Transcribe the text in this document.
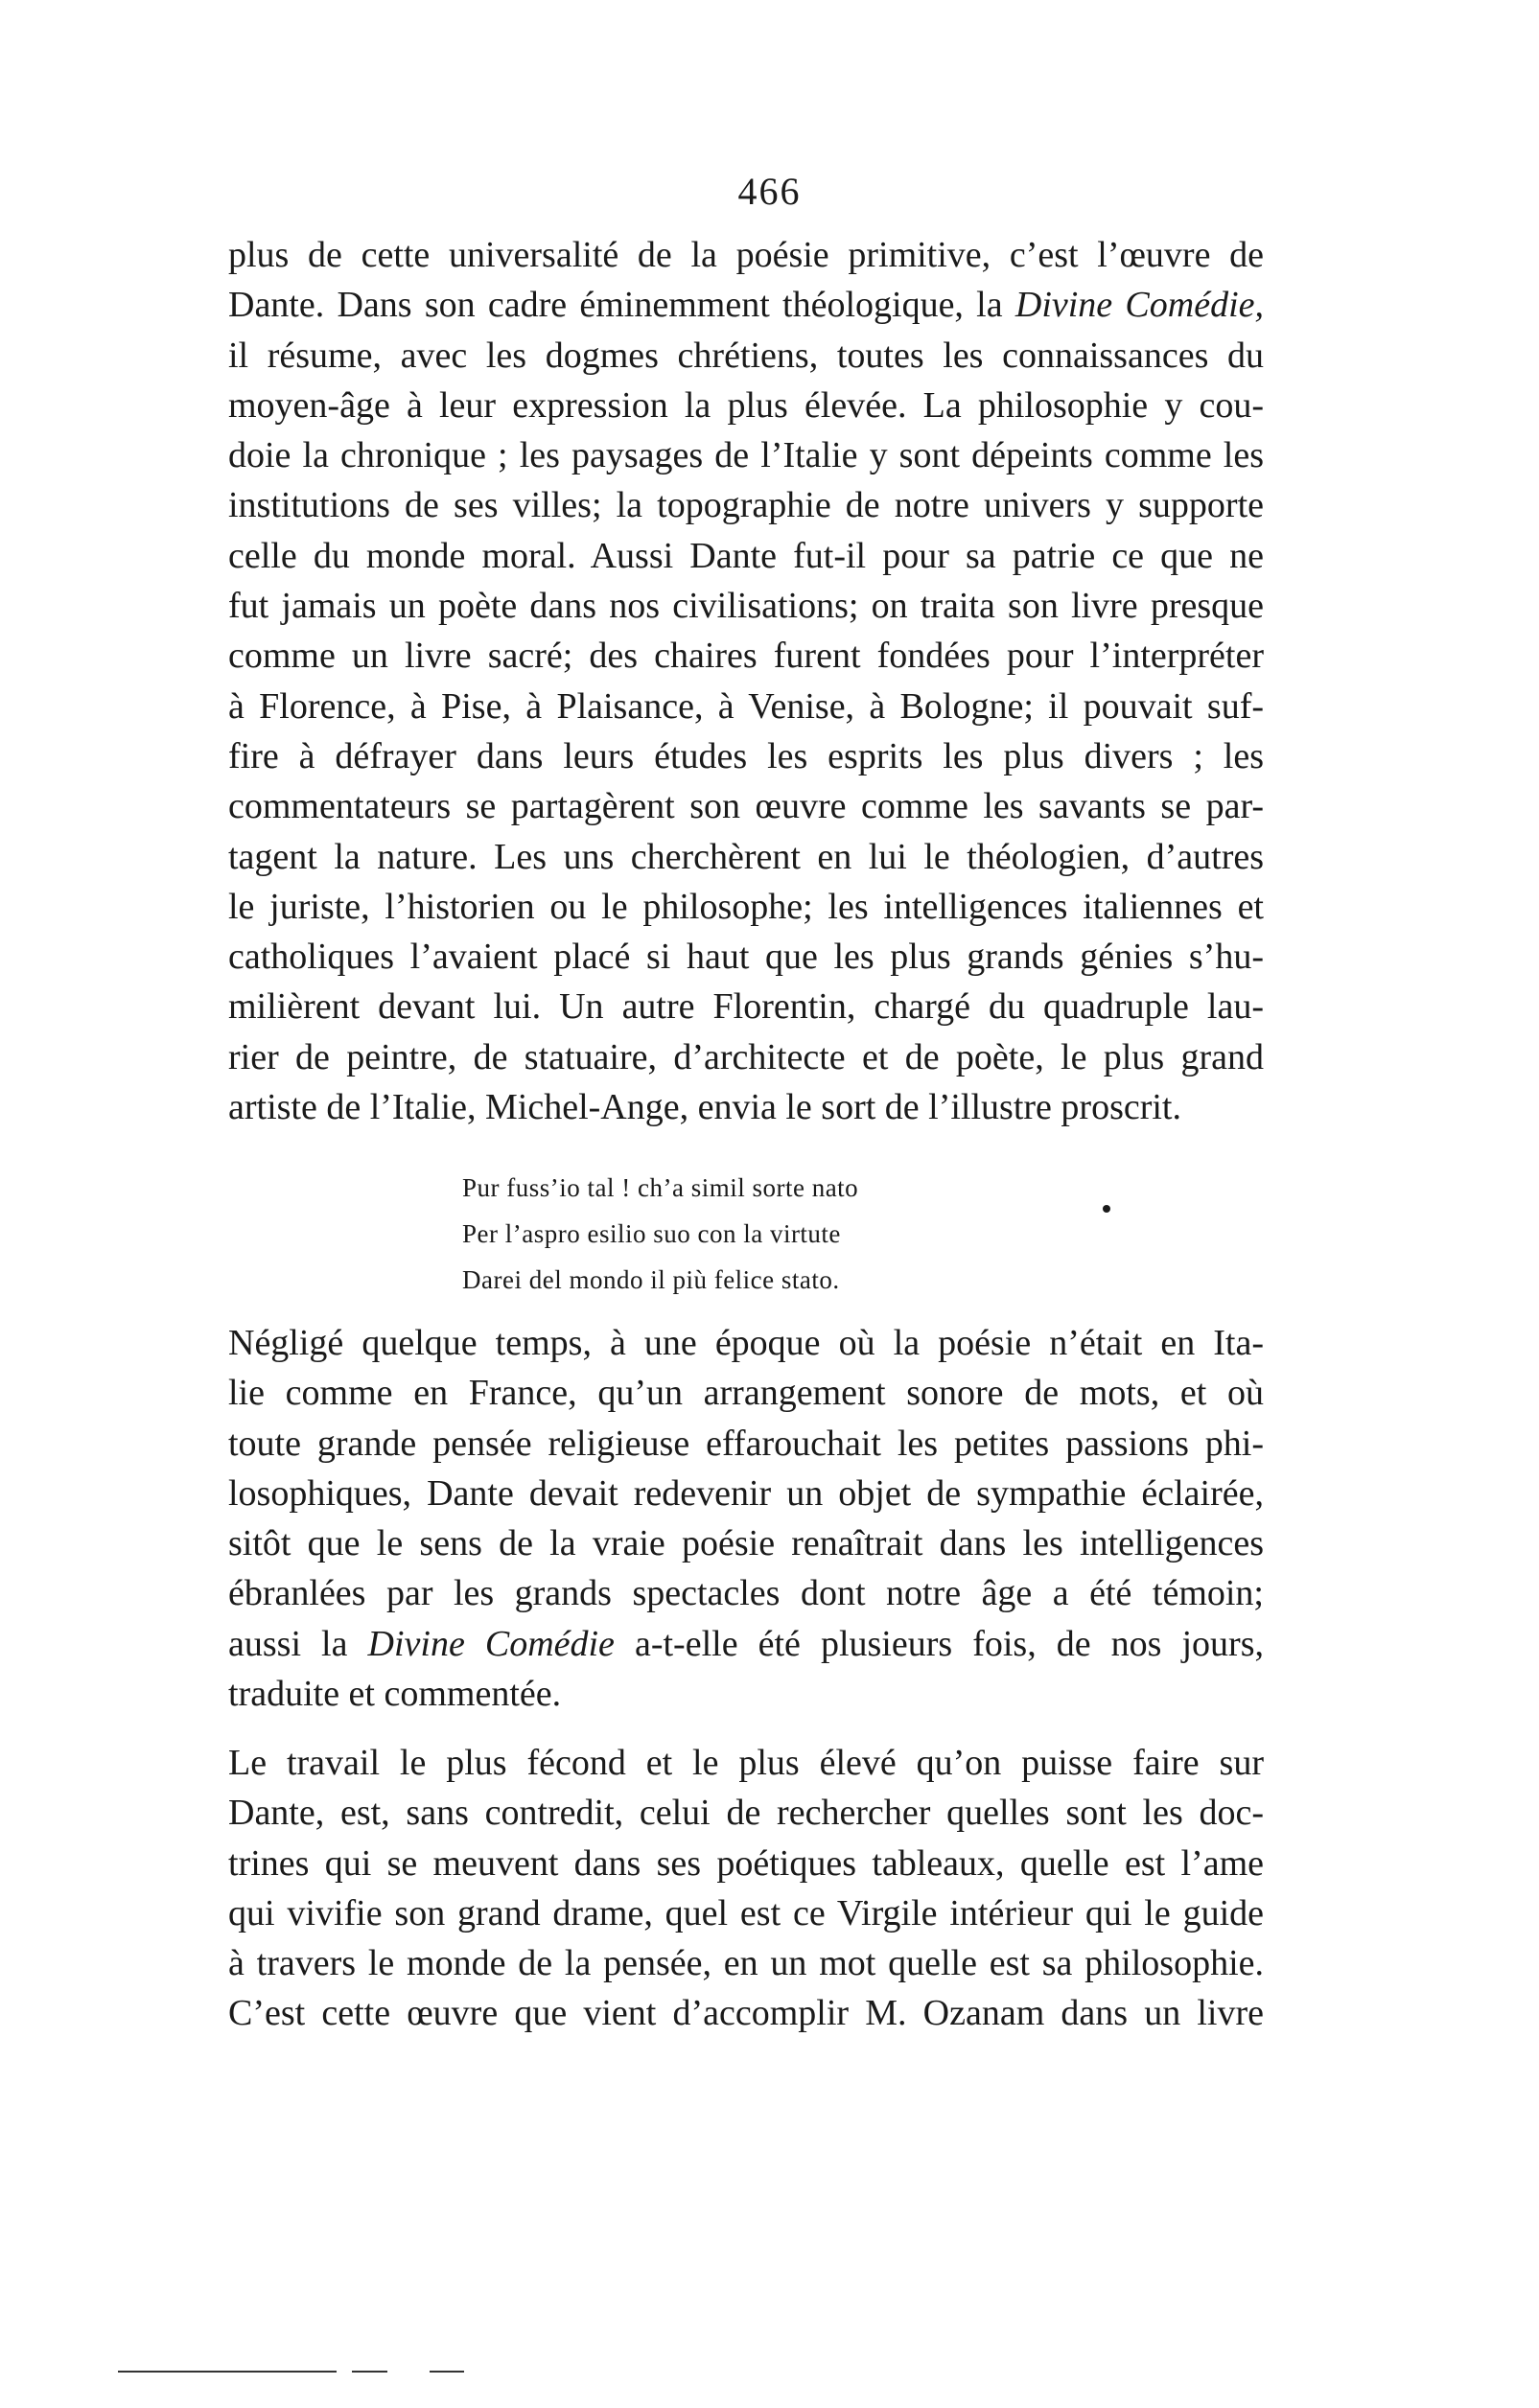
466

plus de cette universalité de la poésie primitive, c’est l’œuvre de

Dante. Dans son cadre éminemment théologique, la Divine Comédie,

il résume, avec les dogmes chrétiens, toutes les connaissances du

moyen-âge à leur expression la plus élevée. La philosophie y cou-

doie la chronique ; les paysages de l’Italie y sont dépeints comme les

institutions de ses villes; la topographie de notre univers y supporte

celle du monde moral. Aussi Dante fut-il pour sa patrie ce que ne

fut jamais un poète dans nos civilisations; on traita son livre presque

comme un livre sacré; des chaires furent fondées pour l’interpréter

à Florence, à Pise, à Plaisance, à Venise, à Bologne; il pouvait suf-

fire à défrayer dans leurs études les esprits les plus divers ; les

commentateurs se partagèrent son œuvre comme les savants se par-

tagent la nature. Les uns cherchèrent en lui le théologien, d’autres

le juriste, l’historien ou le philosophe; les intelligences italiennes et

catholiques l’avaient placé si haut que les plus grands génies s’hu-

milièrent devant lui. Un autre Florentin, chargé du quadruple lau-

rier de peintre, de statuaire, d’architecte et de poète, le plus grand

artiste de l’Italie, Michel-Ange, envia le sort de l’illustre proscrit.

Pur fuss’io tal ! ch’a simil sorte nato
Per l’aspro esilio suo con la virtute
Darei del mondo il più felice stato.

Négligé quelque temps, à une époque où la poésie n’était en Ita-

lie comme en France, qu’un arrangement sonore de mots, et où

toute grande pensée religieuse effarouchait les petites passions phi-

losophiques, Dante devait redevenir un objet de sympathie éclairée,

sitôt que le sens de la vraie poésie renaîtrait dans les intelligences

ébranlées par les grands spectacles dont notre âge a été témoin;

aussi la Divine Comédie a-t-elle été plusieurs fois, de nos jours,

traduite et commentée.

Le travail le plus fécond et le plus élevé qu’on puisse faire sur

Dante, est, sans contredit, celui de rechercher quelles sont les doc-

trines qui se meuvent dans ses poétiques tableaux, quelle est l’ame

qui vivifie son grand drame, quel est ce Virgile intérieur qui le guide

à travers le monde de la pensée, en un mot quelle est sa philosophie.

C’est cette œuvre que vient d’accomplir M. Ozanam dans un livre
